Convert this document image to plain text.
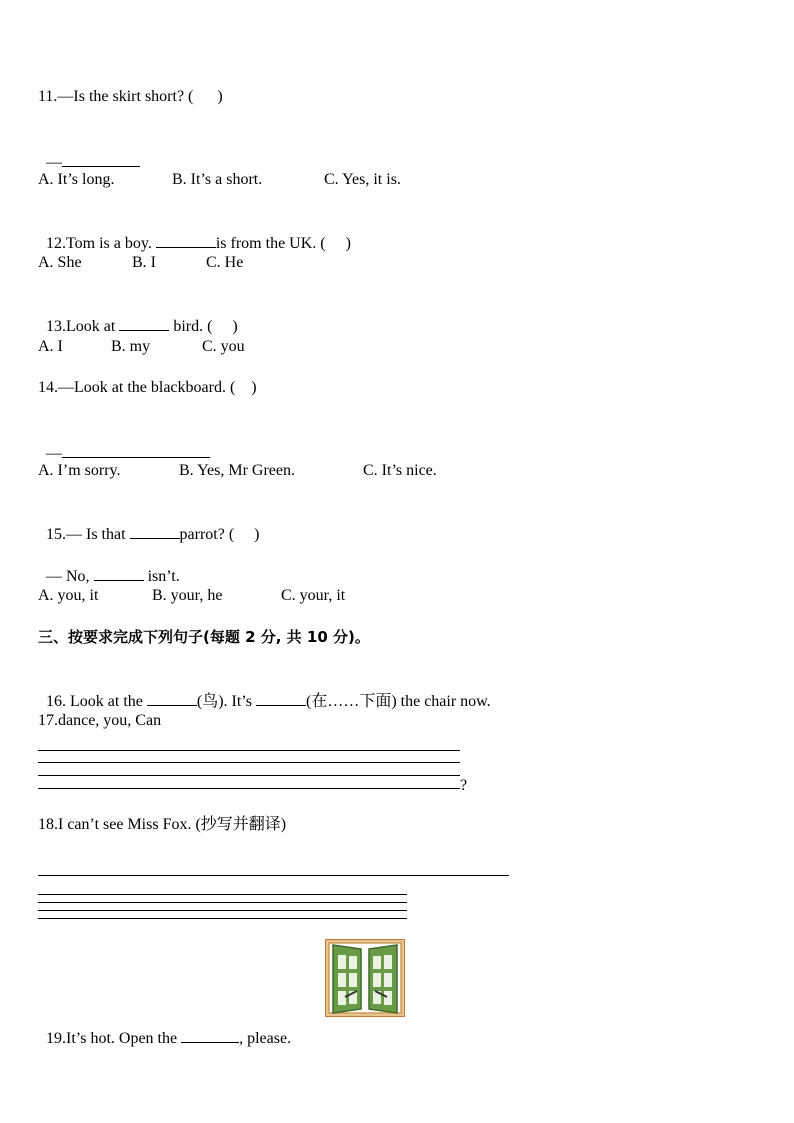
11.—Is the skirt short? (      )

—

A. It’s long.	B. It’s a short.	C. Yes, it is.

12.Tom is a boy.	is from the UK. (     )

A. She	B. I	C. He

13.Look at	bird. (     )

A. I	B. my	C. you
14.—Look at the blackboard. (    )

—

A. I’m sorry.	B. Yes, Mr Green.	C. It’s nice.

15.— Is that	parrot? (     )

— No,	isn’t.

A. you, it	B. your, he	C. your, it
三、按要求完成下列句子(每题 2 分, 共 10 分)。

16. Look at the	(鸟). It’s	(在……下面) the chair now.

17.dance, you, Can
?
18.I can’t see Miss Fox. (抄写并翻译)

19.It’s hot. Open the	, please.
